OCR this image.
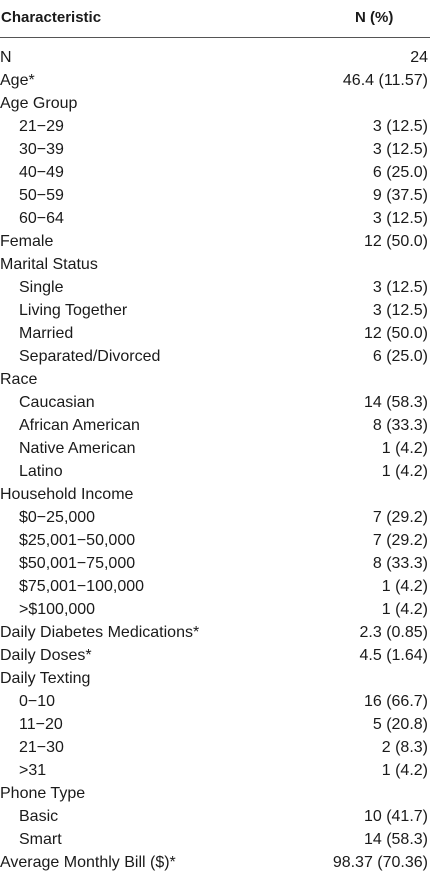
Characteristic	N (%)
N	24
Age*	46.4 (11.57)
Age Group
21−29	3 (12.5)
30−39	3 (12.5)
40−49	6 (25.0)
50−59	9 (37.5)
60−64	3 (12.5)
Female	12 (50.0)
Marital Status
Single	3 (12.5)
Living Together	3 (12.5)
Married	12 (50.0)
Separated/Divorced	6 (25.0)
Race
Caucasian	14 (58.3)
African American	8 (33.3)
Native American	1 (4.2)
Latino	1 (4.2)
Household Income
$0−25,000	7 (29.2)
$25,001−50,000	7 (29.2)
$50,001−75,000	8 (33.3)
$75,001−100,000	1 (4.2)
>$100,000	1 (4.2)
Daily Diabetes Medications*	2.3 (0.85)
Daily Doses*	4.5 (1.64)
Daily Texting
0−10	16 (66.7)
11−20	5 (20.8)
21−30	2 (8.3)
>31	1 (4.2)
Phone Type
Basic	10 (41.7)
Smart	14 (58.3)
Average Monthly Bill ($)*	98.37 (70.36)
